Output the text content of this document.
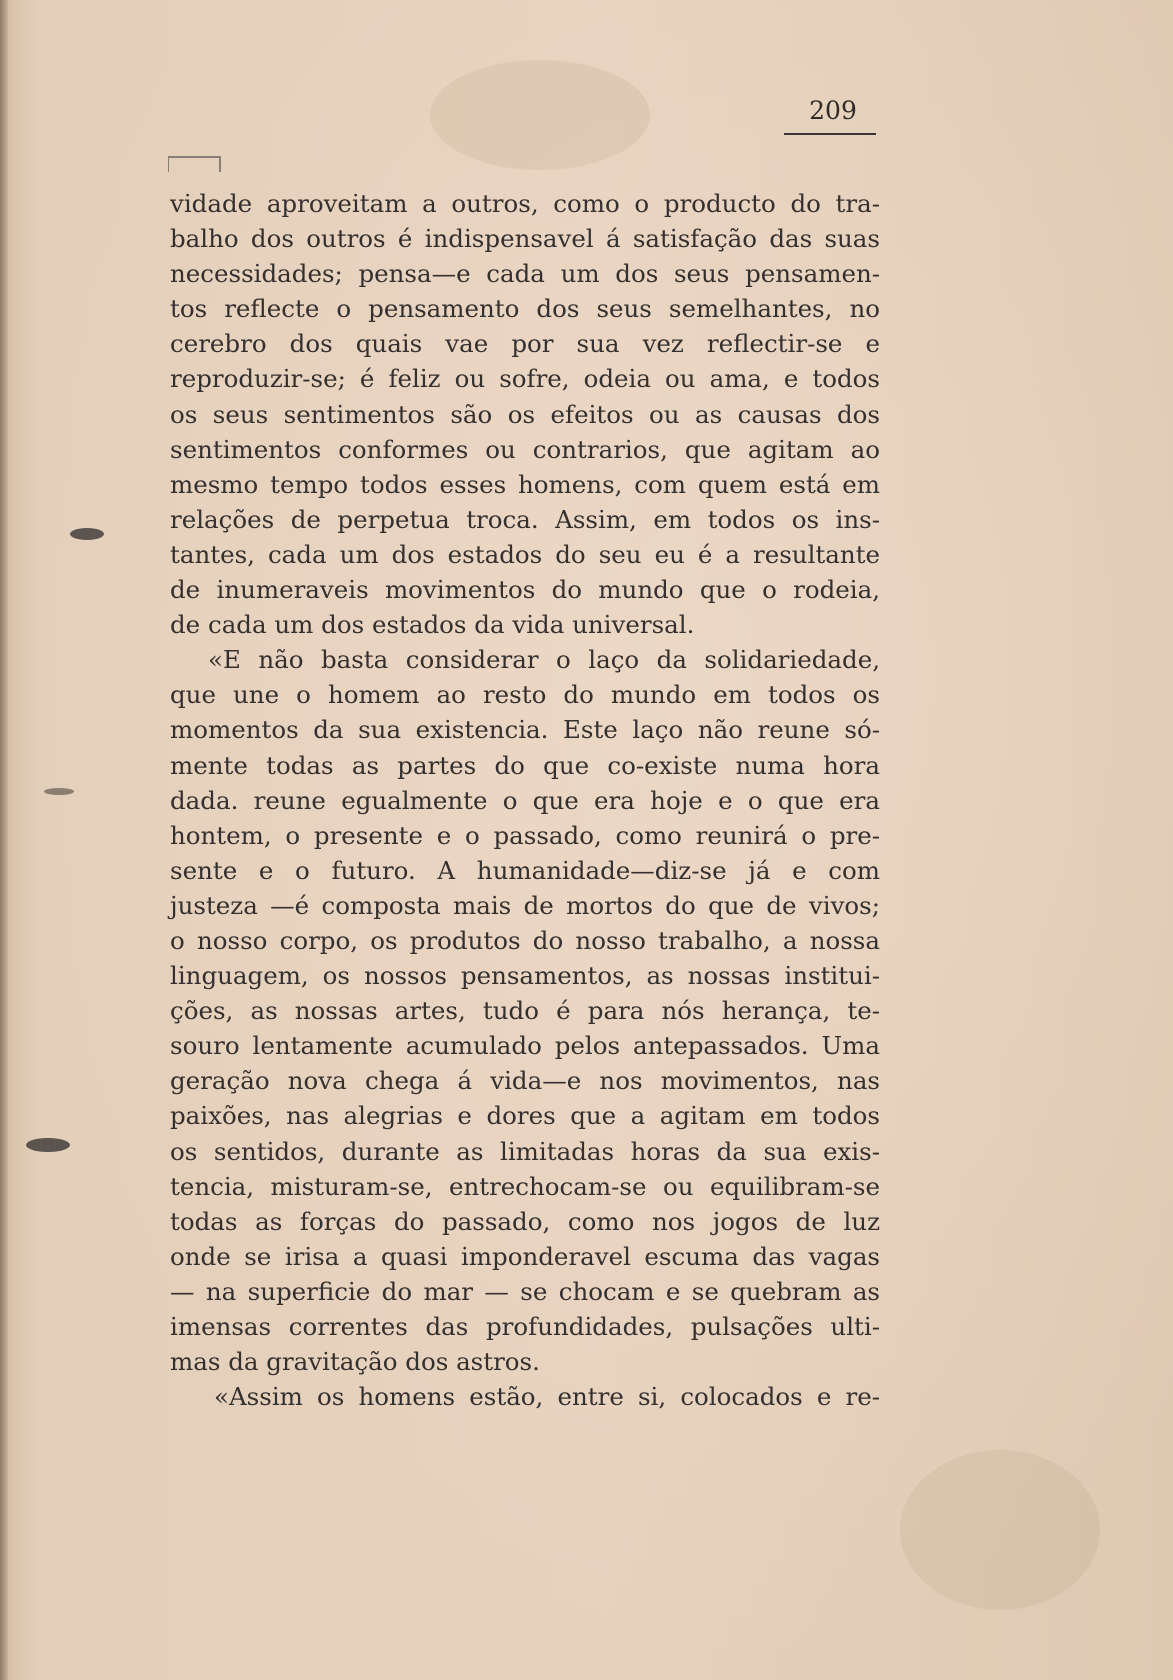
209
vidade aproveitam a outros, como o producto do tra-
balho dos outros é indispensavel á satisfação das suas
necessidades; pensa—e cada um dos seus pensamen-
tos reflecte o pensamento dos seus semelhantes, no
cerebro dos quais vae por sua vez reflectir-se e
reproduzir-se; é feliz ou sofre, odeia ou ama, e todos
os seus sentimentos são os efeitos ou as causas dos
sentimentos conformes ou contrarios, que agitam ao
mesmo tempo todos esses homens, com quem está em
relações de perpetua troca. Assim, em todos os ins-
tantes, cada um dos estados do seu eu é a resultante
de inumeraveis movimentos do mundo que o rodeia,
de cada um dos estados da vida universal.
«E não basta considerar o laço da solidariedade,
que une o homem ao resto do mundo em todos os
momentos da sua existencia. Este laço não reune só-
mente todas as partes do que co-existe numa hora
dada. reune egualmente o que era hoje e o que era
hontem, o presente e o passado, como reunirá o pre-
sente e o futuro. A humanidade—diz-se já e com
justeza —é composta mais de mortos do que de vivos;
o nosso corpo, os produtos do nosso trabalho, a nossa
linguagem, os nossos pensamentos, as nossas institui-
ções, as nossas artes, tudo é para nós herança, te-
souro lentamente acumulado pelos antepassados. Uma
geração nova chega á vida—e nos movimentos, nas
paixões, nas alegrias e dores que a agitam em todos
os sentidos, durante as limitadas horas da sua exis-
tencia, misturam-se, entrechocam-se ou equilibram-se
todas as forças do passado, como nos jogos de luz
onde se irisa a quasi imponderavel escuma das vagas
— na superficie do mar — se chocam e se quebram as
imensas correntes das profundidades, pulsações ulti-
mas da gravitação dos astros.
«Assim os homens estão, entre si, colocados e re-
